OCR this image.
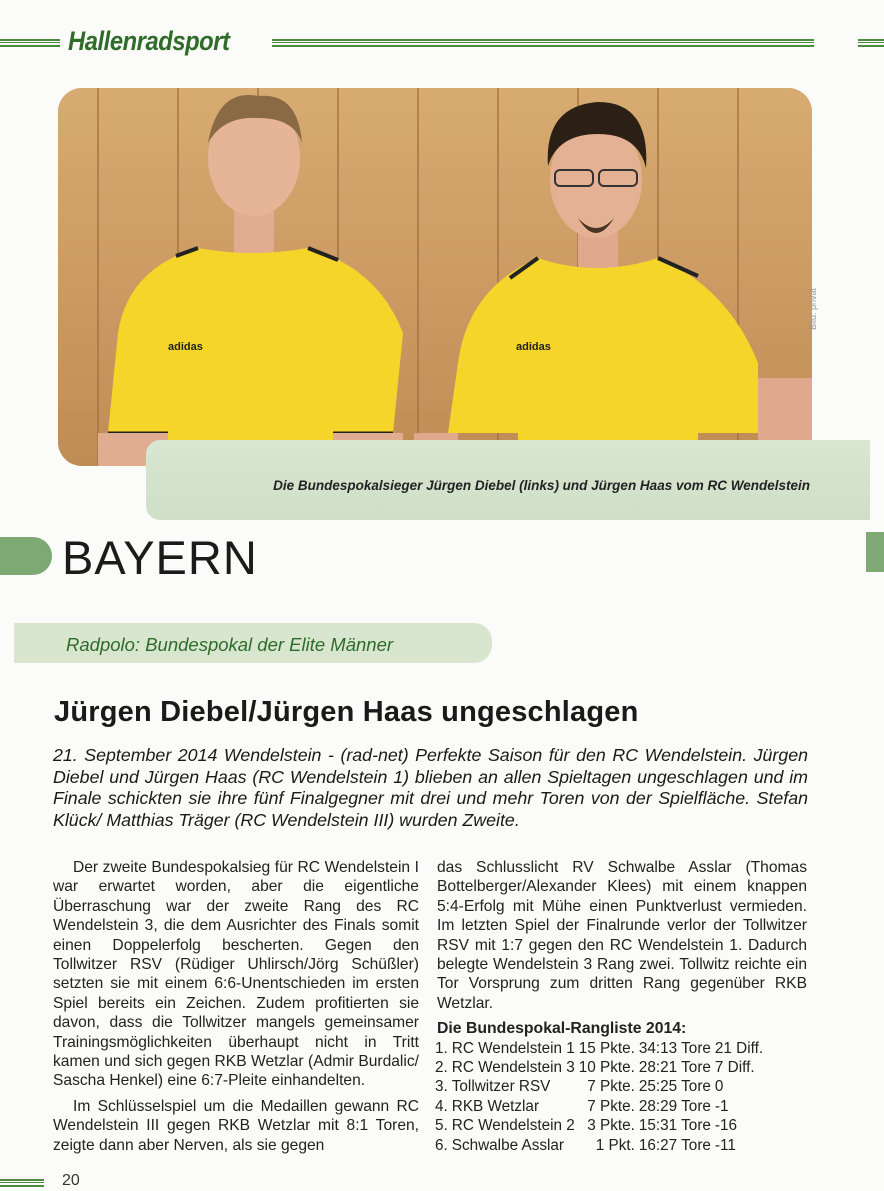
Hallenradsport
adidas	adidas
Bild: privat
Die Bundespokalsieger Jürgen Diebel (links) und Jürgen Haas vom RC Wendelstein
BAYERN
Radpolo: Bundespokal der Elite Männer
Jürgen Diebel/Jürgen Haas ungeschlagen
21. September 2014 Wendelstein - (rad-net) Perfekte Saison für den RC Wendelstein. Jürgen Diebel und Jürgen Haas (RC Wendelstein 1) blieben an allen Spieltagen ungeschlagen und im Finale schickten sie ihre fünf Finalgegner mit drei und mehr Toren von der Spielfläche. Stefan Klück/ Matthias Träger (RC Wendelstein III) wurden Zweite.

Der zweite Bundespokalsieg für RC Wendelstein I war erwartet worden, aber die eigentliche Überraschung war der zweite Rang des RC Wendelstein 3, die dem Ausrichter des Finals somit einen Doppelerfolg bescherten. Gegen den Tollwitzer RSV (Rüdiger Uhlirsch/Jörg Schüßler) setzten sie mit einem 6:6-Unentschieden im ersten Spiel bereits ein Zeichen. Zudem profitierten sie davon, dass die Tollwitzer mangels gemeinsamer Trainingsmöglichkeiten überhaupt nicht in Tritt kamen und sich gegen RKB Wetzlar (Admir Burdalic/ Sascha Henkel) eine 6:7-Pleite einhandelten.

Im Schlüsselspiel um die Medaillen gewann RC Wendelstein III gegen RKB Wetzlar mit 8:1 Toren, zeigte dann aber Nerven, als sie gegen

das Schlusslicht RV Schwalbe Asslar (Thomas Bottelberger/Alexander Klees) mit einem knappen 5:4-Erfolg mit Mühe einen Punktverlust vermieden. Im letzten Spiel der Finalrunde verlor der Tollwitzer RSV mit 1:7 gegen den RC Wendelstein 1. Dadurch belegte Wendelstein 3 Rang zwei. Tollwitz reichte ein Tor Vorsprung zum dritten Rang gegenüber RKB Wetzlar.

Die Bundespokal-Rangliste 2014:
1.	RC Wendelstein 1	15 Pkte.	34:13 Tore	21 Diff.
2.	RC Wendelstein 3	10 Pkte.	28:21 Tore	7 Diff.
3.	Tollwitzer RSV	7 Pkte.	25:25 Tore	0
4.	RKB Wetzlar	7 Pkte.	28:29 Tore	-1
5.	RC Wendelstein 2	3 Pkte.	15:31 Tore	-16
6.	Schwalbe Asslar	1 Pkt.	16:27 Tore	-11
20
